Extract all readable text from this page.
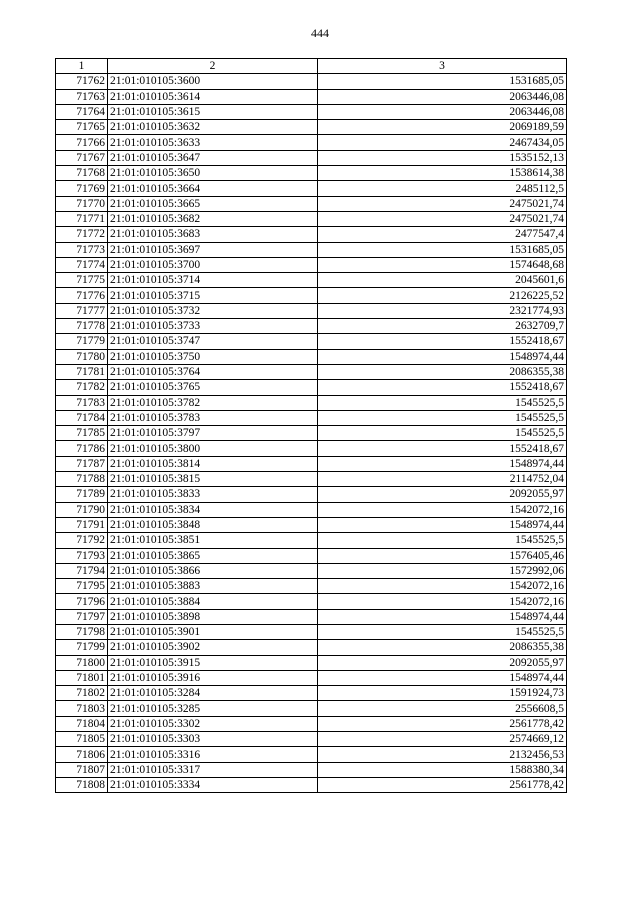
444
1	2	3
71762	21:01:010105:3600	1531685,05
71763	21:01:010105:3614	2063446,08
71764	21:01:010105:3615	2063446,08
71765	21:01:010105:3632	2069189,59
71766	21:01:010105:3633	2467434,05
71767	21:01:010105:3647	1535152,13
71768	21:01:010105:3650	1538614,38
71769	21:01:010105:3664	2485112,5
71770	21:01:010105:3665	2475021,74
71771	21:01:010105:3682	2475021,74
71772	21:01:010105:3683	2477547,4
71773	21:01:010105:3697	1531685,05
71774	21:01:010105:3700	1574648,68
71775	21:01:010105:3714	2045601,6
71776	21:01:010105:3715	2126225,52
71777	21:01:010105:3732	2321774,93
71778	21:01:010105:3733	2632709,7
71779	21:01:010105:3747	1552418,67
71780	21:01:010105:3750	1548974,44
71781	21:01:010105:3764	2086355,38
71782	21:01:010105:3765	1552418,67
71783	21:01:010105:3782	1545525,5
71784	21:01:010105:3783	1545525,5
71785	21:01:010105:3797	1545525,5
71786	21:01:010105:3800	1552418,67
71787	21:01:010105:3814	1548974,44
71788	21:01:010105:3815	2114752,04
71789	21:01:010105:3833	2092055,97
71790	21:01:010105:3834	1542072,16
71791	21:01:010105:3848	1548974,44
71792	21:01:010105:3851	1545525,5
71793	21:01:010105:3865	1576405,46
71794	21:01:010105:3866	1572992,06
71795	21:01:010105:3883	1542072,16
71796	21:01:010105:3884	1542072,16
71797	21:01:010105:3898	1548974,44
71798	21:01:010105:3901	1545525,5
71799	21:01:010105:3902	2086355,38
71800	21:01:010105:3915	2092055,97
71801	21:01:010105:3916	1548974,44
71802	21:01:010105:3284	1591924,73
71803	21:01:010105:3285	2556608,5
71804	21:01:010105:3302	2561778,42
71805	21:01:010105:3303	2574669,12
71806	21:01:010105:3316	2132456,53
71807	21:01:010105:3317	1588380,34
71808	21:01:010105:3334	2561778,42
